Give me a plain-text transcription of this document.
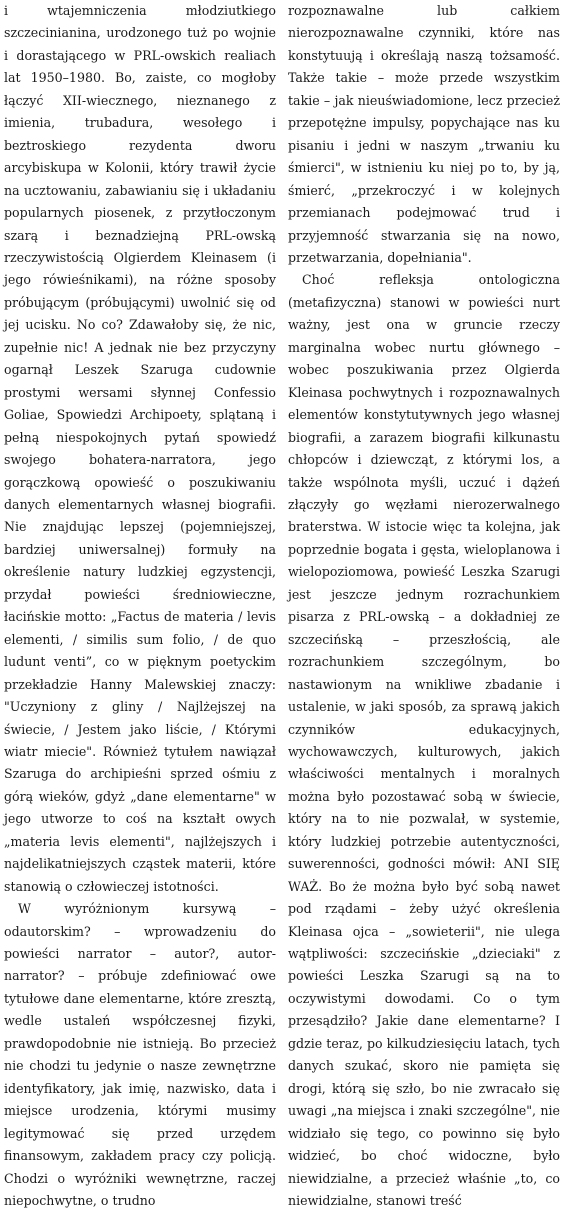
i wtajemniczenia młodziutkiego szczecinianina, urodzonego tuż po wojnie i dorastającego w PRL-owskich realiach lat 1950–1980. Bo, zaiste, co mogłoby łączyć XII-wiecznego, nieznanego z imienia, trubadura, wesołego i beztroskiego rezydenta dworu arcybiskupa w Kolonii, który trawił życie na ucztowaniu, zabawianiu się i układaniu popularnych piosenek, z przytłoczonym szarą i beznadziejną PRL-owską rzeczywistością Olgierdem Kleinasem (i jego rówieśnikami), na różne sposoby próbującym (próbującymi) uwolnić się od jej ucisku. No co? Zdawałoby się, że nic, zupełnie nic! A jednak nie bez przyczyny ogarnął Leszek Szaruga cudownie prostymi wersami słynnej Confessio Goliae, Spowiedzi Archipoety, splątaną i pełną niespokojnych pytań spowiedź swojego bohatera-narratora, jego gorączkową opowieść o poszukiwaniu danych elementarnych własnej biografii. Nie znajdując lepszej (pojemniejszej, bardziej uniwersalnej) formuły na określenie natury ludzkiej egzystencji, przydał powieści średniowieczne, łacińskie motto: „Factus de materia / levis elementi, / similis sum folio, / de quo ludunt venti”, co w pięknym poetyckim przekładzie Hanny Malewskiej znaczy: "Uczyniony z gliny / Najlżejszej na świecie, / Jestem jako liście, / Którymi wiatr miecie". Również tytułem nawiązał Szaruga do archipieśni sprzed ośmiu z górą wieków, gdyż „dane elementarne" w jego utworze to coś na kształt owych „materia levis elementi", najlżejszych i najdelikatniejszych cząstek materii, które stanowią o człowieczej istotności.

W wyróżnionym kursywą – odautorskim? – wprowadzeniu do powieści narrator – autor?, autor-narrator? – próbuje zdefiniować owe tytułowe dane elementarne, które zresztą, wedle ustaleń współczesnej fizyki, prawdopodobnie nie istnieją. Bo przecież nie chodzi tu jedynie o nasze zewnętrzne identyfikatory, jak imię, nazwisko, data i miejsce urodzenia, którymi musimy legitymować się przed urzędem finansowym, zakładem pracy czy policją. Chodzi o wyróżniki wewnętrzne, raczej niepochwytne, o trudno

rozpoznawalne lub całkiem nierozpoznawalne czynniki, które nas konstytuują i określają naszą tożsamość. Także takie – może przede wszystkim takie – jak nieuświadomione, lecz przecież przepotężne impulsy, popychające nas ku pisaniu i jedni w naszym „trwaniu ku śmierci", w istnieniu ku niej po to, by ją, śmierć, „przekroczyć i w kolejnych przemianach podejmować trud i przyjemność stwarzania się na nowo, przetwarzania, dopełniania".

Choć refleksja ontologiczna (metafizyczna) stanowi w powieści nurt ważny, jest ona w gruncie rzeczy marginalna wobec nurtu głównego – wobec poszukiwania przez Olgierda Kleinasa pochwytnych i rozpoznawalnych elementów konstytutywnych jego własnej biografii, a zarazem biografii kilkunastu chłopców i dziewcząt, z którymi los, a także wspólnota myśli, uczuć i dążeń złączyły go węzłami nierozerwalnego braterstwa. W istocie więc ta kolejna, jak poprzednie bogata i gęsta, wieloplanowa i wielopoziomowa, powieść Leszka Szarugi jest jeszcze jednym rozrachunkiem pisarza z PRL-owską – a dokładniej ze szczecińską – przeszłością, ale rozrachunkiem szczególnym, bo nastawionym na wnikliwe zbadanie i ustalenie, w jaki sposób, za sprawą jakich czynników edukacyjnych, wychowawczych, kulturowych, jakich właściwości mentalnych i moralnych można było pozostawać sobą w świecie, który na to nie pozwalał, w systemie, który ludzkiej potrzebie autentyczności, suwerenności, godności mówił: ANI SIĘ WAŻ. Bo że można było być sobą nawet pod rządami – żeby użyć określenia Kleinasa ojca – „sowieterii", nie ulega wątpliwości: szczecińskie „dzieciaki" z powieści Leszka Szarugi są na to oczywistymi dowodami. Co o tym przesądziło? Jakie dane elementarne? I gdzie teraz, po kilkudziesięciu latach, tych danych szukać, skoro nie pamięta się drogi, którą się szło, bo nie zwracało się uwagi „na miejsca i znaki szczególne", nie widziało się tego, co powinno się było widzieć, bo choć widoczne, było niewidzialne, a przecież właśnie „to, co niewidzialne, stanowi treść
